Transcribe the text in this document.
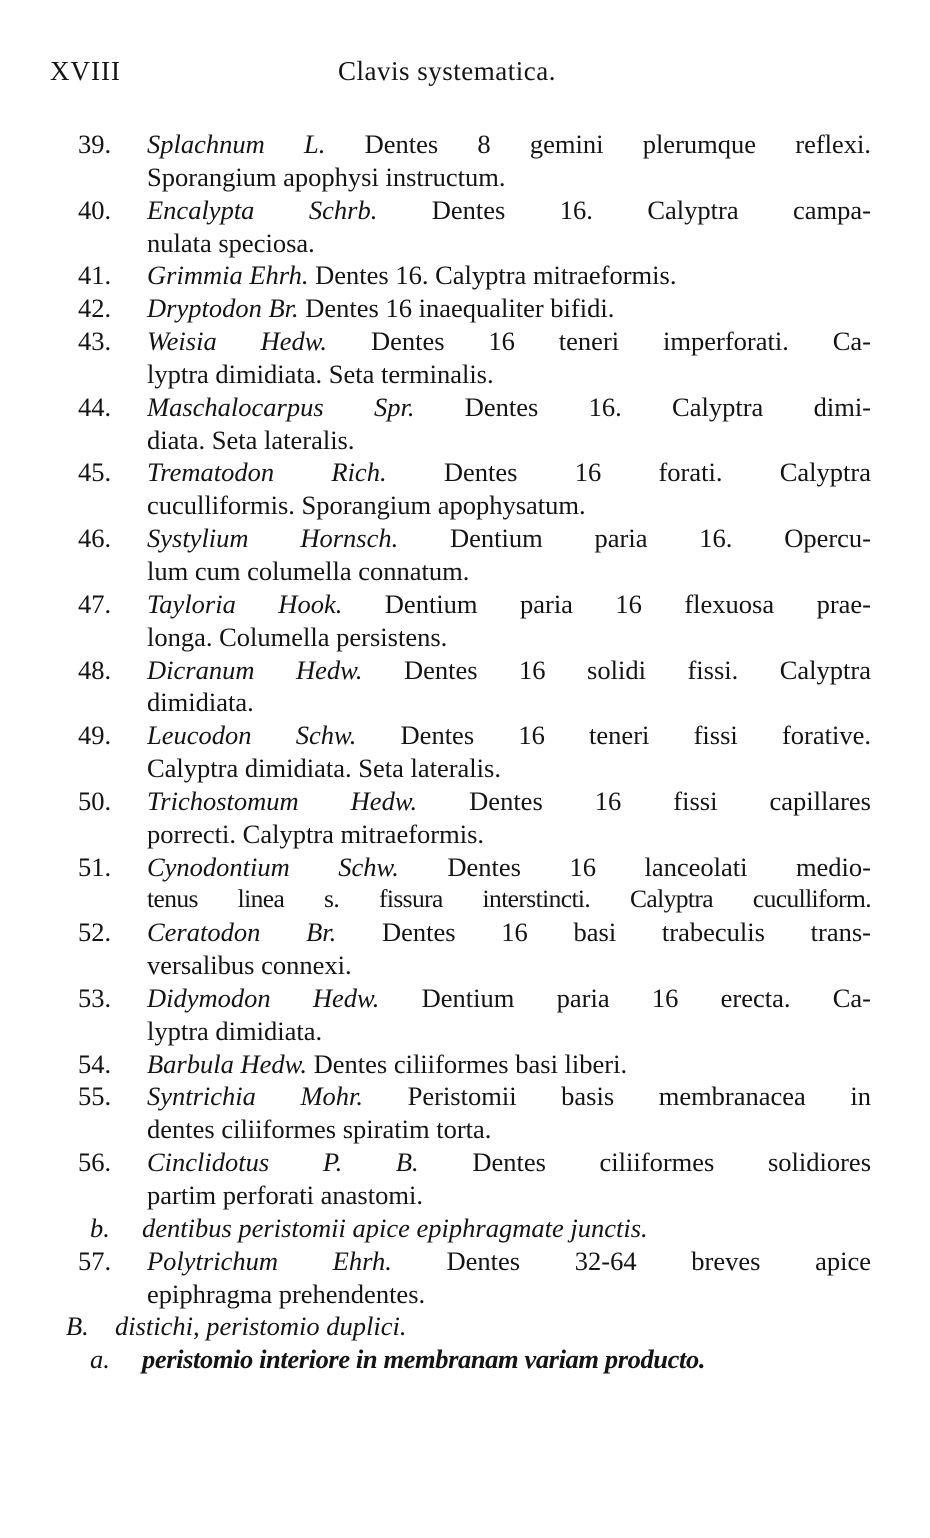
XVIII	Clavis systematica.
39.	Splachnum L. Dentes 8 gemini plerumque reflexi.
Sporangium apophysi instructum.
40.	Encalypta Schrb. Dentes 16. Calyptra campa-
nulata speciosa.
41.	Grimmia Ehrh. Dentes 16. Calyptra mitraeformis.
42.	Dryptodon Br. Dentes 16 inaequaliter bifidi.
43.	Weisia Hedw. Dentes 16 teneri imperforati. Ca-
lyptra dimidiata. Seta terminalis.
44.	Maschalocarpus Spr. Dentes 16. Calyptra dimi-
diata. Seta lateralis.
45.	Trematodon Rich. Dentes 16 forati. Calyptra
cuculliformis. Sporangium apophysatum.
46.	Systylium Hornsch. Dentium paria 16. Opercu-
lum cum columella connatum.
47.	Tayloria Hook. Dentium paria 16 flexuosa prae-
longa. Columella persistens.
48.	Dicranum Hedw. Dentes 16 solidi fissi. Calyptra
dimidiata.
49.	Leucodon Schw. Dentes 16 teneri fissi forative.
Calyptra dimidiata. Seta lateralis.
50.	Trichostomum Hedw. Dentes 16 fissi capillares
porrecti. Calyptra mitraeformis.
51.	Cynodontium Schw. Dentes 16 lanceolati medio-
tenus linea s. fissura interstincti. Calyptra cuculliform.
52.	Ceratodon Br. Dentes 16 basi trabeculis trans-
versalibus connexi.
53.	Didymodon Hedw. Dentium paria 16 erecta. Ca-
lyptra dimidiata.
54.	Barbula Hedw. Dentes ciliiformes basi liberi.
55.	Syntrichia Mohr. Peristomii basis membranacea in
dentes ciliiformes spiratim torta.
56.	Cinclidotus P. B. Dentes ciliiformes solidiores
partim perforati anastomi.
b. dentibus peristomii apice epiphragmate junctis.
57.	Polytrichum Ehrh. Dentes 32-64 breves apice
epiphragma prehendentes.
B. distichi, peristomio duplici.
a. peristomio interiore in membranam variam producto.
